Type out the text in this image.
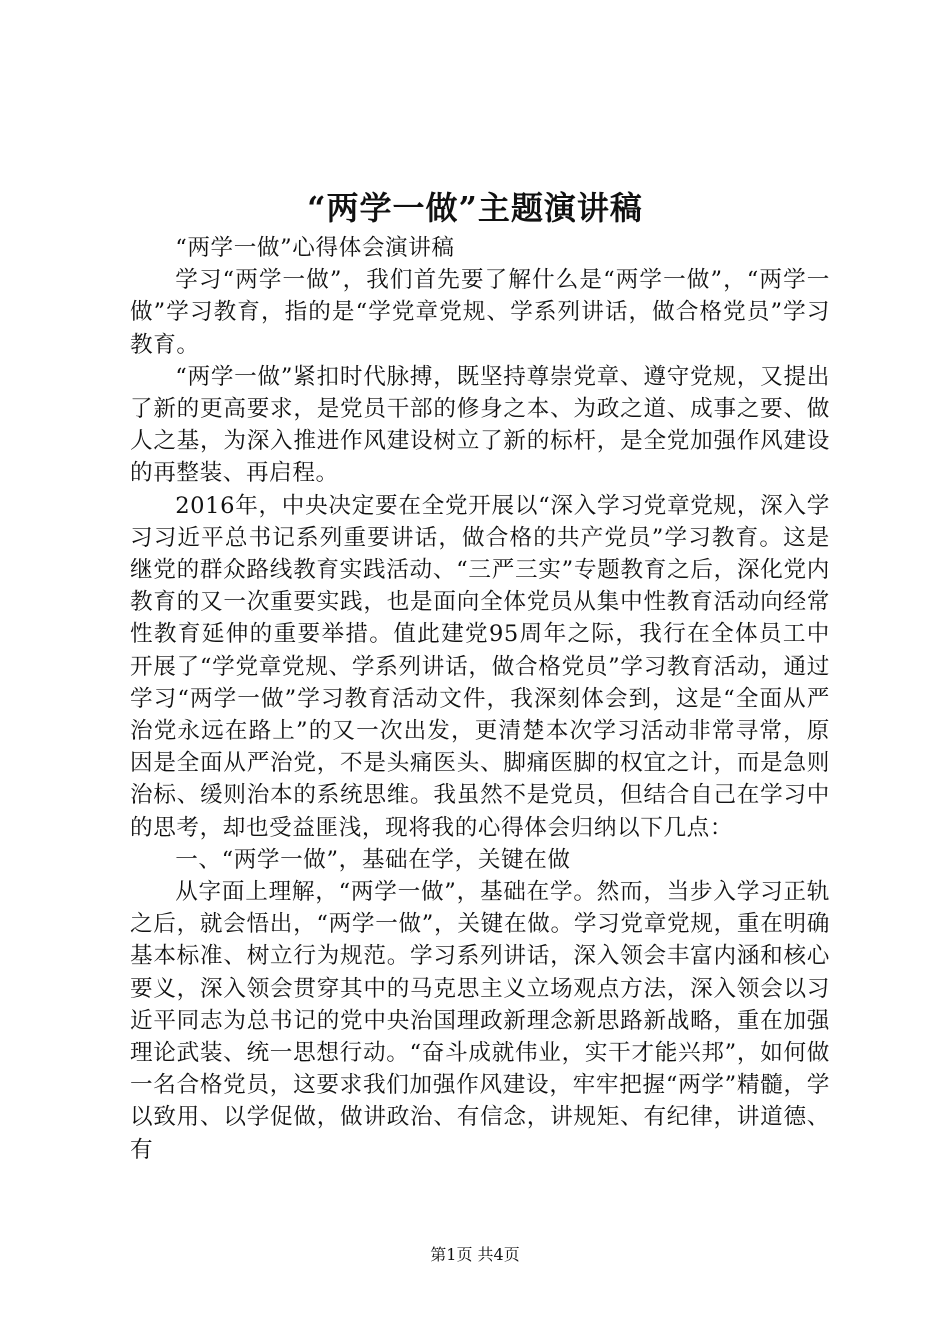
“两学一做”主题演讲稿

“两学一做”心得体会演讲稿

学习“两学一做”，我们首先要了解什么是“两学一做”，“两学一做”学习教育，指的是“学党章党规、学系列讲话，做合格党员”学习教育。

“两学一做”紧扣时代脉搏，既坚持尊崇党章、遵守党规，又提出了新的更高要求，是党员干部的修身之本、为政之道、成事之要、做人之基，为深入推进作风建设树立了新的标杆，是全党加强作风建设的再整装、再启程。

2016年，中央决定要在全党开展以“深入学习党章党规，深入学习习近平总书记系列重要讲话，做合格的共产党员”学习教育。这是继党的群众路线教育实践活动、“三严三实”专题教育之后，深化党内教育的又一次重要实践，也是面向全体党员从集中性教育活动向经常性教育延伸的重要举措。值此建党95周年之际，我行在全体员工中开展了“学党章党规、学系列讲话，做合格党员”学习教育活动，通过学习“两学一做”学习教育活动文件，我深刻体会到，这是“全面从严治党永远在路上”的又一次出发，更清楚本次学习活动非常寻常，原因是全面从严治党，不是头痛医头、脚痛医脚的权宜之计，而是急则治标、缓则治本的系统思维。我虽然不是党员，但结合自己在学习中的思考，却也受益匪浅，现将我的心得体会归纳以下几点：

一、“两学一做”，基础在学，关键在做

从字面上理解，“两学一做”，基础在学。然而，当步入学习正轨之后，就会悟出，“两学一做”，关键在做。学习党章党规，重在明确基本标准、树立行为规范。学习系列讲话，深入领会丰富内涵和核心要义，深入领会贯穿其中的马克思主义立场观点方法，深入领会以习近平同志为总书记的党中央治国理政新理念新思路新战略，重在加强理论武装、统一思想行动。“奋斗成就伟业，实干才能兴邦”，如何做一名合格党员，这要求我们加强作风建设，牢牢把握“两学”精髓，学以致用、以学促做，做讲政治、有信念，讲规矩、有纪律，讲道德、有

第1页 共4页
